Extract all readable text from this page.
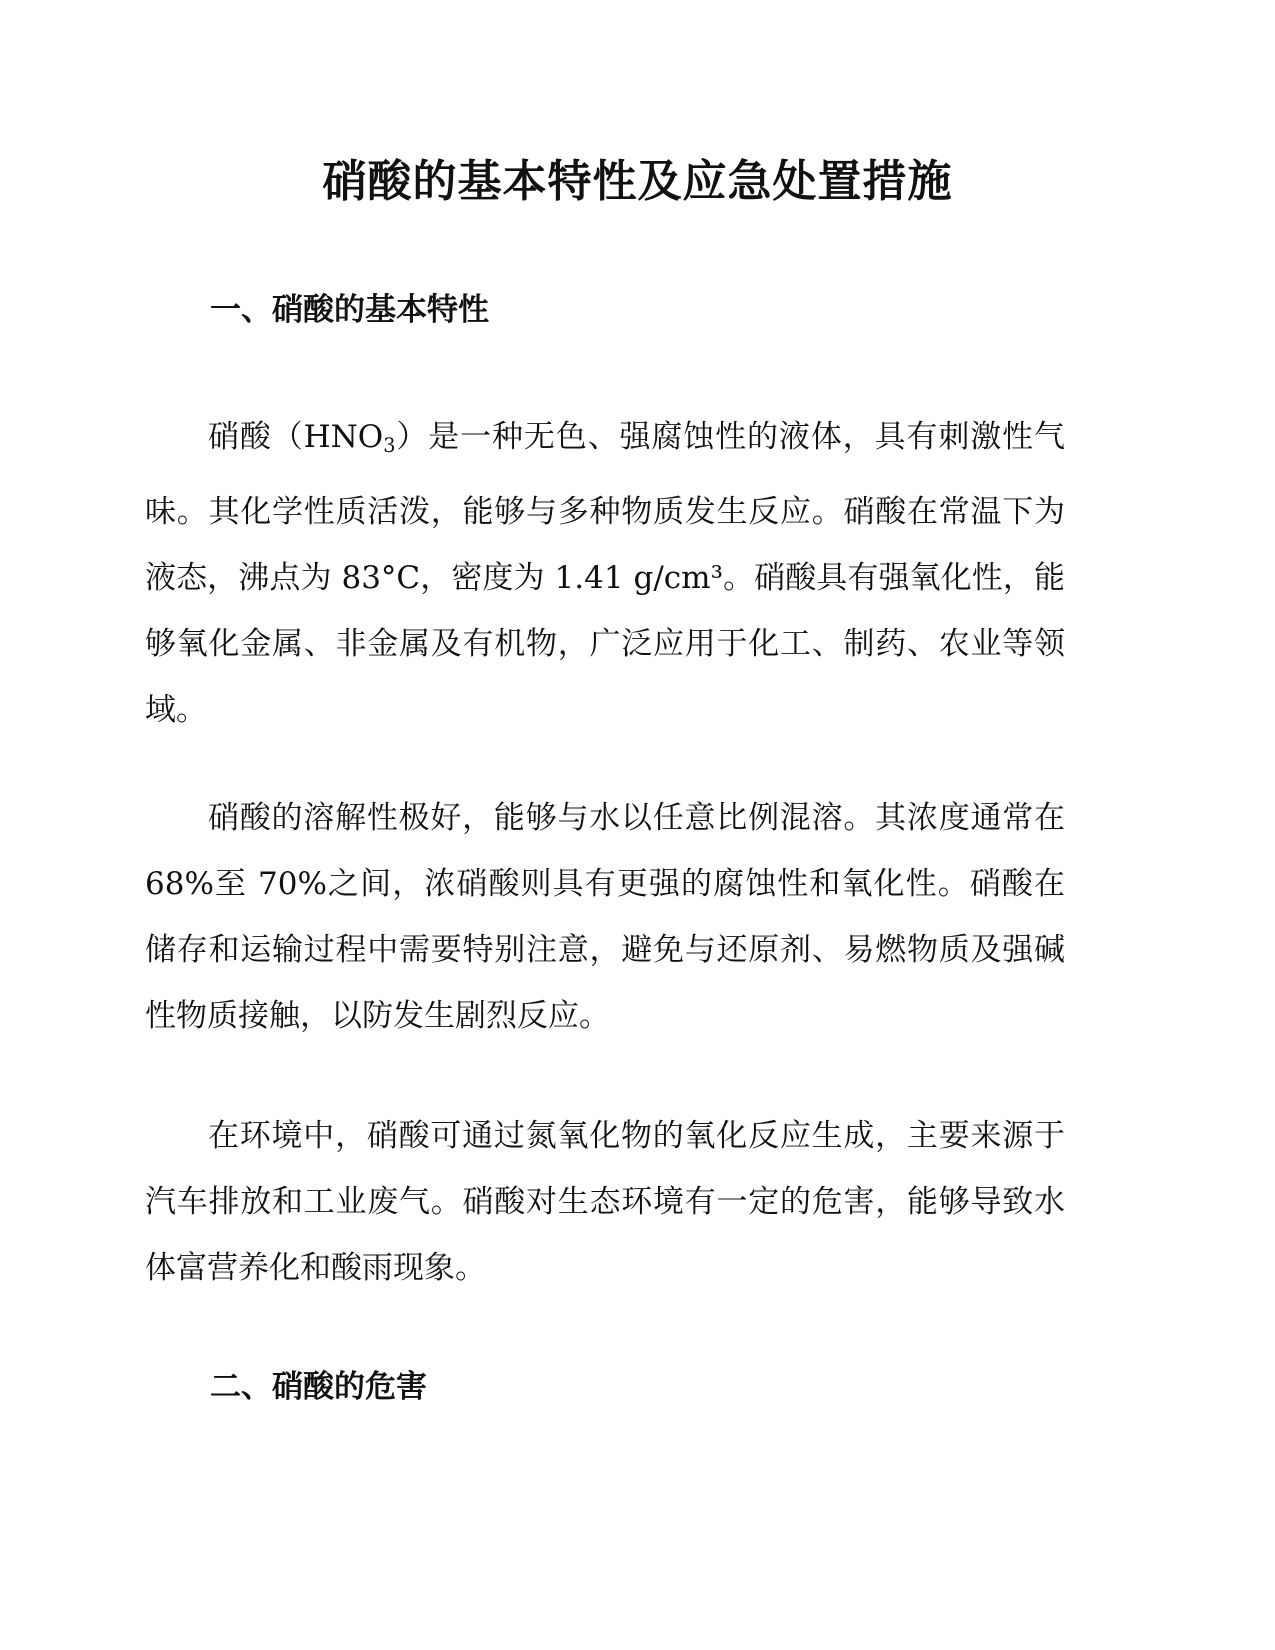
硝酸的基本特性及应急处置措施
一、硝酸的基本特性

硝酸$(HNO_3)$是一种无色、强腐蚀性的液体，具有刺激性气味。其化学性质活泼，能够与多种物质发生反应。硝酸在常温下为液态，沸点为 83°C，密度为 1.41 g/cm³。硝酸具有强氧化性，能够氧化金属、非金属及有机物，广泛应用于化工、制药、农业等领域。

硝酸的溶解性极好，能够与水以任意比例混溶。其浓度通常在 68%至 70%之间，浓硝酸则具有更强的腐蚀性和氧化性。硝酸在储存和运输过程中需要特别注意，避免与还原剂、易燃物质及强碱性物质接触，以防发生剧烈反应。

在环境中，硝酸可通过氮氧化物的氧化反应生成，主要来源于汽车排放和工业废气。硝酸对生态环境有一定的危害，能够导致水体富营养化和酸雨现象。

二、硝酸的危害
